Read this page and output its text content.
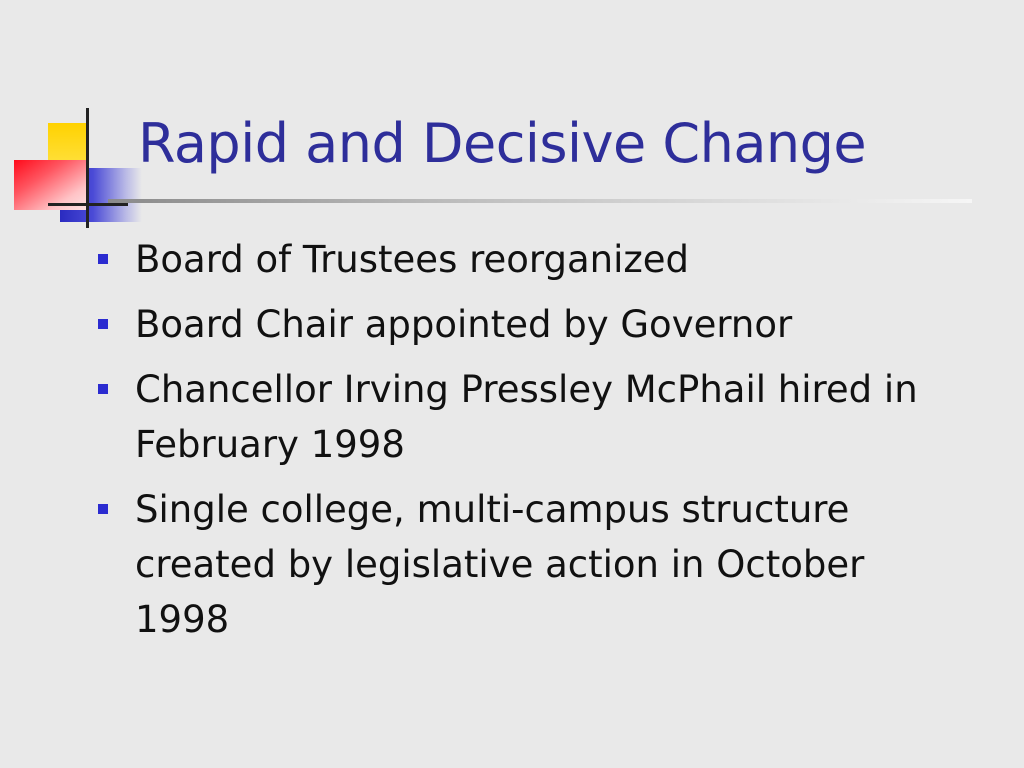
Rapid and Decisive Change
Board of Trustees reorganized
Board Chair appointed by Governor
Chancellor Irving Pressley McPhail hired in February 1998
Single college, multi-campus structure created by legislative action in October 1998
